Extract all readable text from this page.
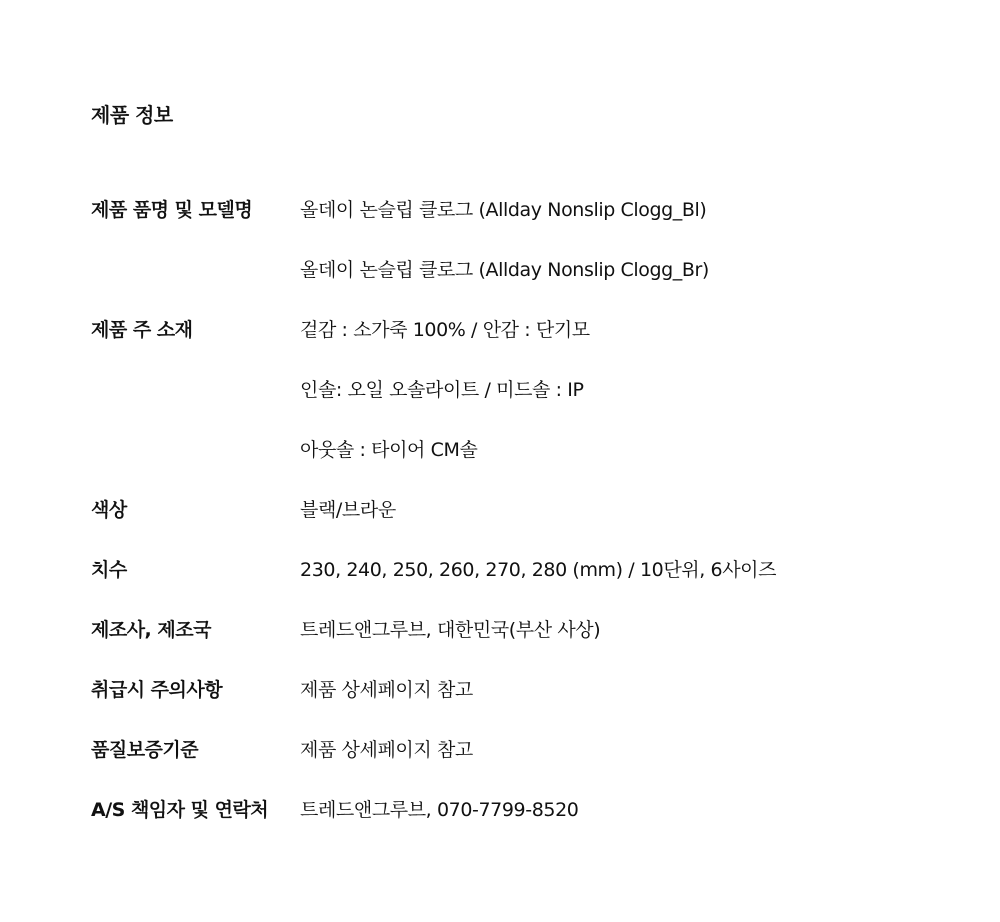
제품 정보
제품 품명 및 모델명	올데이 논슬립 클로그 (Allday Nonslip Clogg_Bl)
올데이 논슬립 클로그 (Allday Nonslip Clogg_Br)
제품 주 소재	겉감 : 소가죽 100% / 안감 : 단기모
인솔: 오일 오솔라이트 / 미드솔 : IP
아웃솔 : 타이어 CM솔
색상	블랙/브라운
치수	230, 240, 250, 260, 270, 280 (mm) / 10단위, 6사이즈
제조사, 제조국	트레드앤그루브, 대한민국(부산 사상)
취급시 주의사항	제품 상세페이지 참고
품질보증기준	제품 상세페이지 참고
A/S 책임자 및 연락처	트레드앤그루브, 070-7799-8520
